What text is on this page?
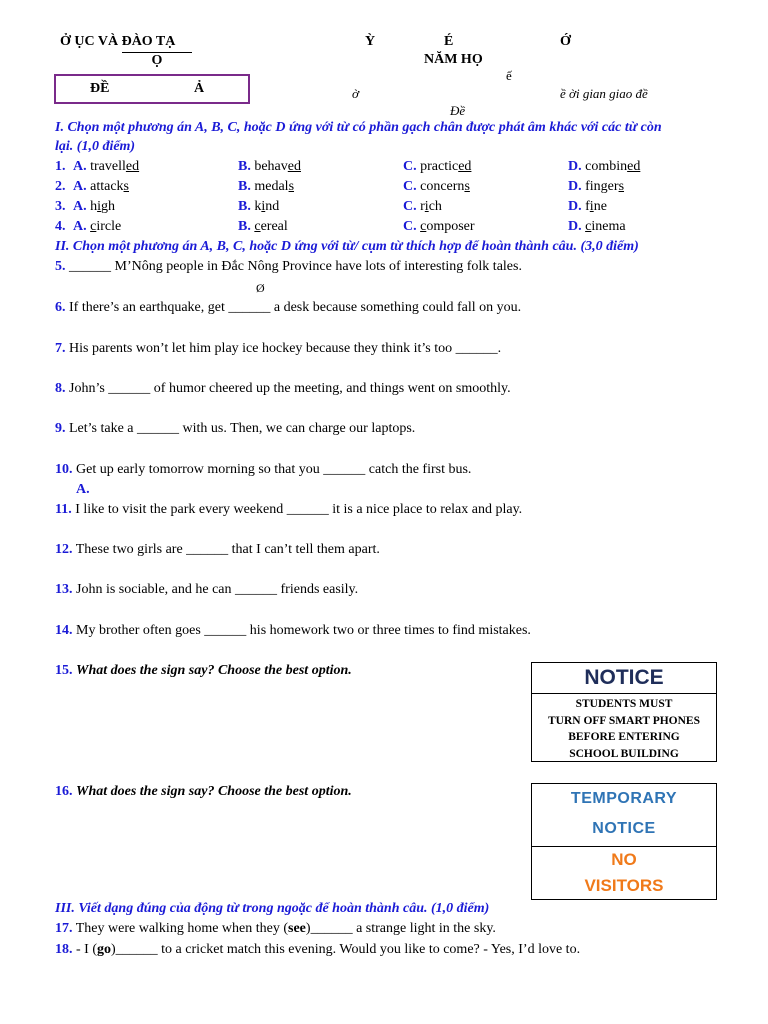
Ở ỤC VÀ ĐÀO TẠ
Ọ
ĐỀ	Ả
Ỳ	É	Ớ
NĂM HỌ
ế
ờ	ề ời gian giao đề
Đề
I. Chọn một phương án A, B, C, hoặc D ứng với từ có phần gạch chân được phát âm khác với các từ còn
lại. (1,0 điểm)
1. A. travelled	B. behaved	C. practiced	D. combined
2. A. attacks	B. medals	C. concerns	D. fingers
3. A. high	B. kind	C. rich	D. fine
4. A. circle	B. cereal	C. composer	D. cinema
II. Chọn một phương án A, B, C, hoặc D ứng với từ/ cụm từ thích hợp để hoàn thành câu. (3,0 điểm)
5. ______ M’Nông people in Đắc Nông Province have lots of interesting folk tales.
6. If there’s an earthquake, get ______ a desk because something could fall on you.
7. His parents won’t let him play ice hockey because they think it’s too ______.
8. John’s ______ of humor cheered up the meeting, and things went on smoothly.
9. Let’s take a ______ with us. Then, we can charge our laptops.
10. Get up early tomorrow morning so that you ______ catch the first bus.
11. I like to visit the park every weekend ______ it is a nice place to relax and play.
12. These two girls are ______ that I can’t tell them apart.
13. John is sociable, and he can ______ friends easily.
14. My brother often goes ______ his homework two or three times to find mistakes.
Ø
A.
15. What does the sign say? Choose the best option.	NOTICE
STUDENTS MUST
TURN OFF SMART PHONES
BEFORE ENTERING
SCHOOL BUILDING
16. What does the sign say? Choose the best option.	TEMPORARY
NOTICE
NO
VISITORS
III. Viết dạng đúng của động từ trong ngoặc để hoàn thành câu. (1,0 điểm)
17. They were walking home when they (see)______ a strange light in the sky.
18. - I (go)______ to a cricket match this evening. Would you like to come? - Yes, I’d love to.
